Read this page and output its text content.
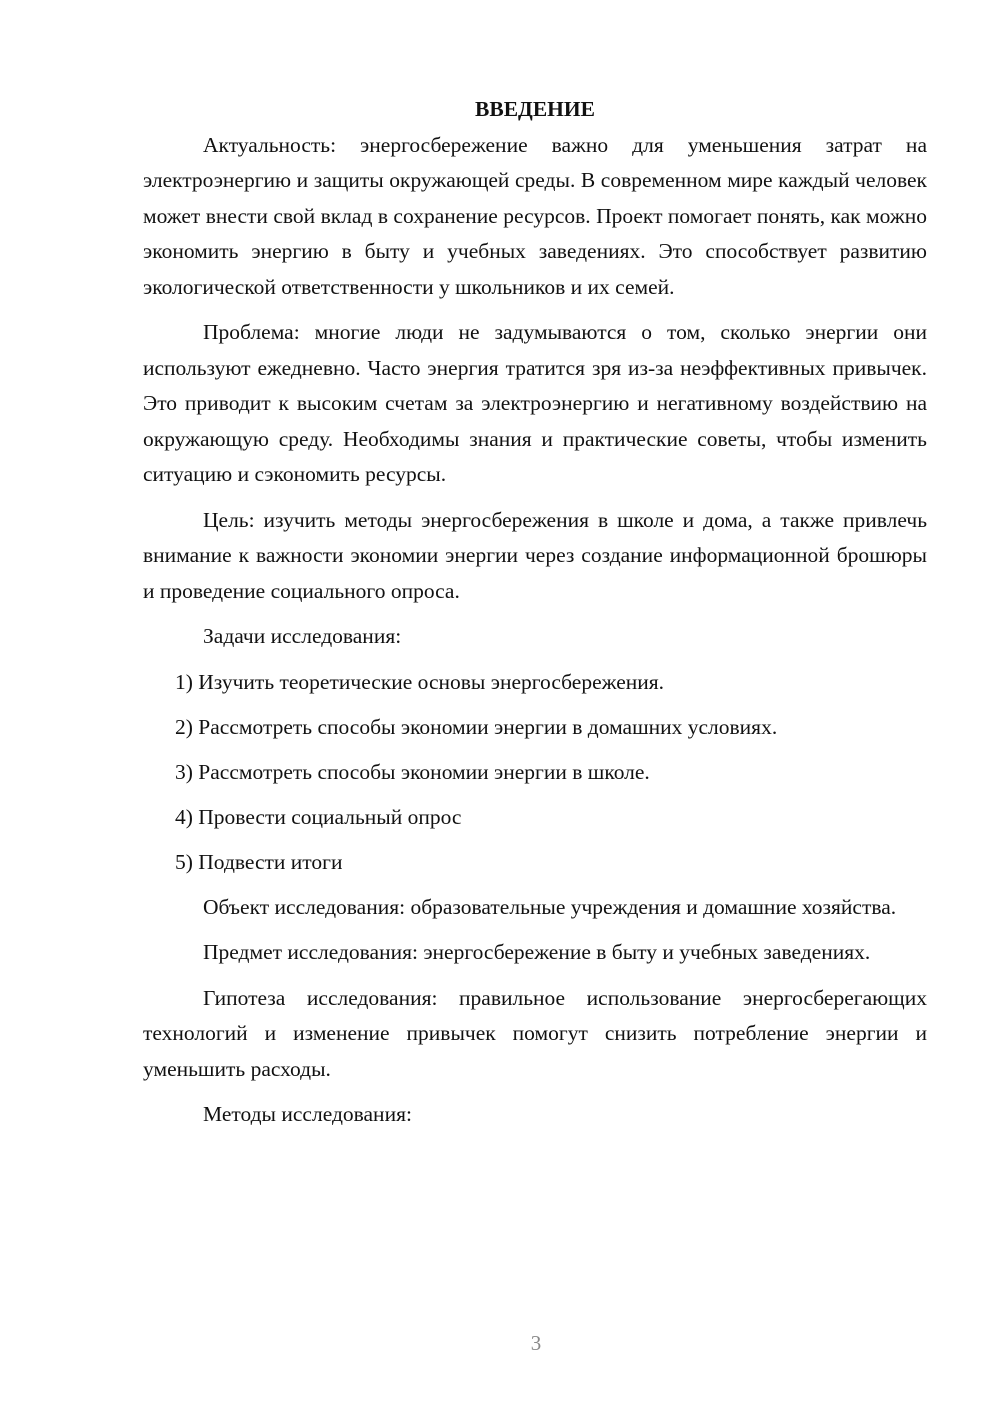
ВВЕДЕНИЕ

Актуальность: энергосбережение важно для уменьшения затрат на электроэнергию и защиты окружающей среды. В современном мире каждый человек может внести свой вклад в сохранение ресурсов. Проект помогает понять, как можно экономить энергию в быту и учебных заведениях. Это способствует развитию экологической ответственности у школьников и их семей.

Проблема: многие люди не задумываются о том, сколько энергии они используют ежедневно. Часто энергия тратится зря из-за неэффективных привычек. Это приводит к высоким счетам за электроэнергию и негативному воздействию на окружающую среду. Необходимы знания и практические советы, чтобы изменить ситуацию и сэкономить ресурсы.

Цель: изучить методы энергосбережения в школе и дома, а также привлечь внимание к важности экономии энергии через создание информационной брошюры и проведение социального опроса.

Задачи исследования:

1) Изучить теоретические основы энергосбережения.
2) Рассмотреть способы экономии энергии в домашних условиях.
3) Рассмотреть способы экономии энергии в школе.
4) Провести социальный опрос
5) Подвести итоги

Объект исследования: образовательные учреждения и домашние хозяйства.

Предмет исследования: энергосбережение в быту и учебных заведениях.

Гипотеза исследования: правильное использование энергосберегающих технологий и изменение привычек помогут снизить потребление энергии и уменьшить расходы.

Методы исследования:

3
